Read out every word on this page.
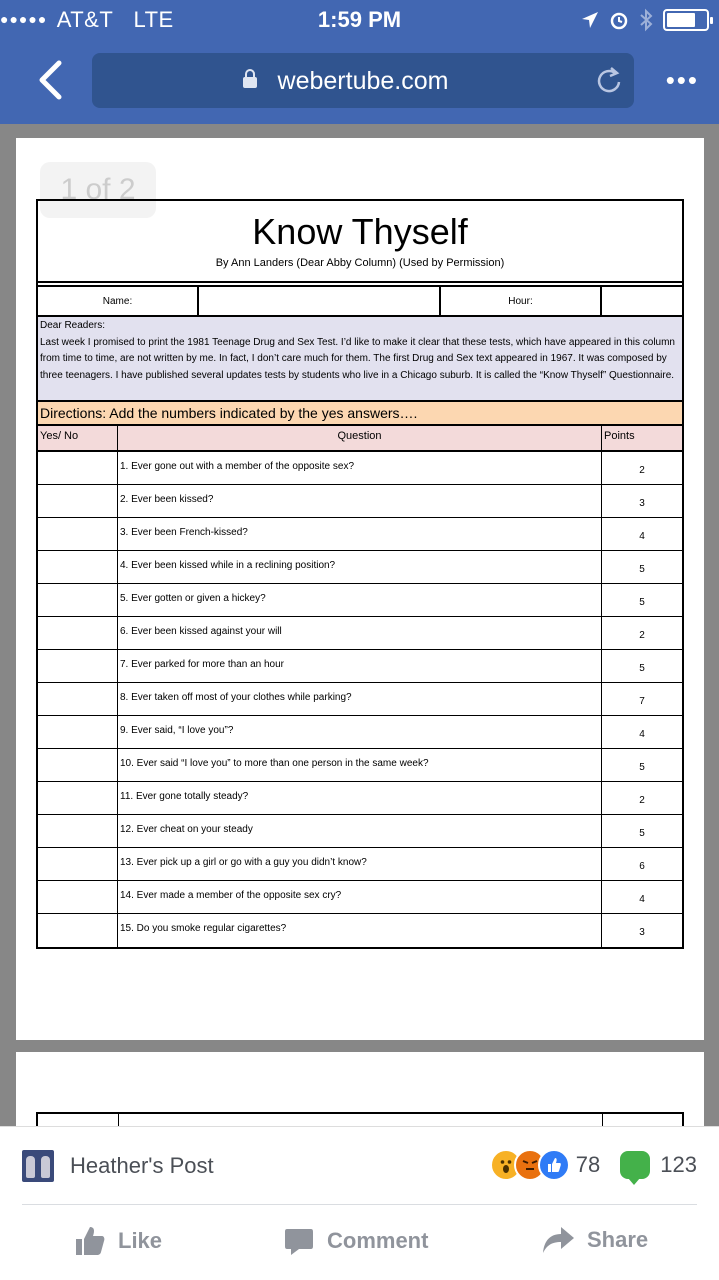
●●●●● AT&T LTE	1:59 PM
webertube.com	•••
1 of 2
Know Thyself
By Ann Landers (Dear Abby Column) (Used by Permission)
Name:	Hour:
Dear Readers:
Last week I promised to print the 1981 Teenage Drug and Sex Test. I’d like to make it clear that these tests, which have appeared in this column from time to time, are not written by me. In fact, I don’t care much for them. The first Drug and Sex text appeared in 1967. It was composed by three teenagers. I have published several updates tests by students who live in a Chicago suburb. It is called the “Know Thyself” Questionnaire.
Directions: Add the numbers indicated by the yes answers….
Yes/ No	Question	Points
1. Ever gone out with a member of the opposite sex?	2
2. Ever been kissed?	3
3. Ever been French-kissed?	4
4. Ever been kissed while in a reclining position?	5
5. Ever gotten or given a hickey?	5
6. Ever been kissed against your will	2
7. Ever parked for more than an hour	5
8. Ever taken off most of your clothes while parking?	7
9. Ever said, “I love you”?	4
10. Ever said “I love you” to more than one person in the same week?	5
11. Ever gone totally steady?	2
12. Ever cheat on your steady	5
13. Ever pick up a girl or go with a guy you didn’t know?	6
14. Ever made a member of the opposite sex cry?	4
15. Do you smoke regular cigarettes?	3
Heather's Post	78	123
Like	Comment	Share
